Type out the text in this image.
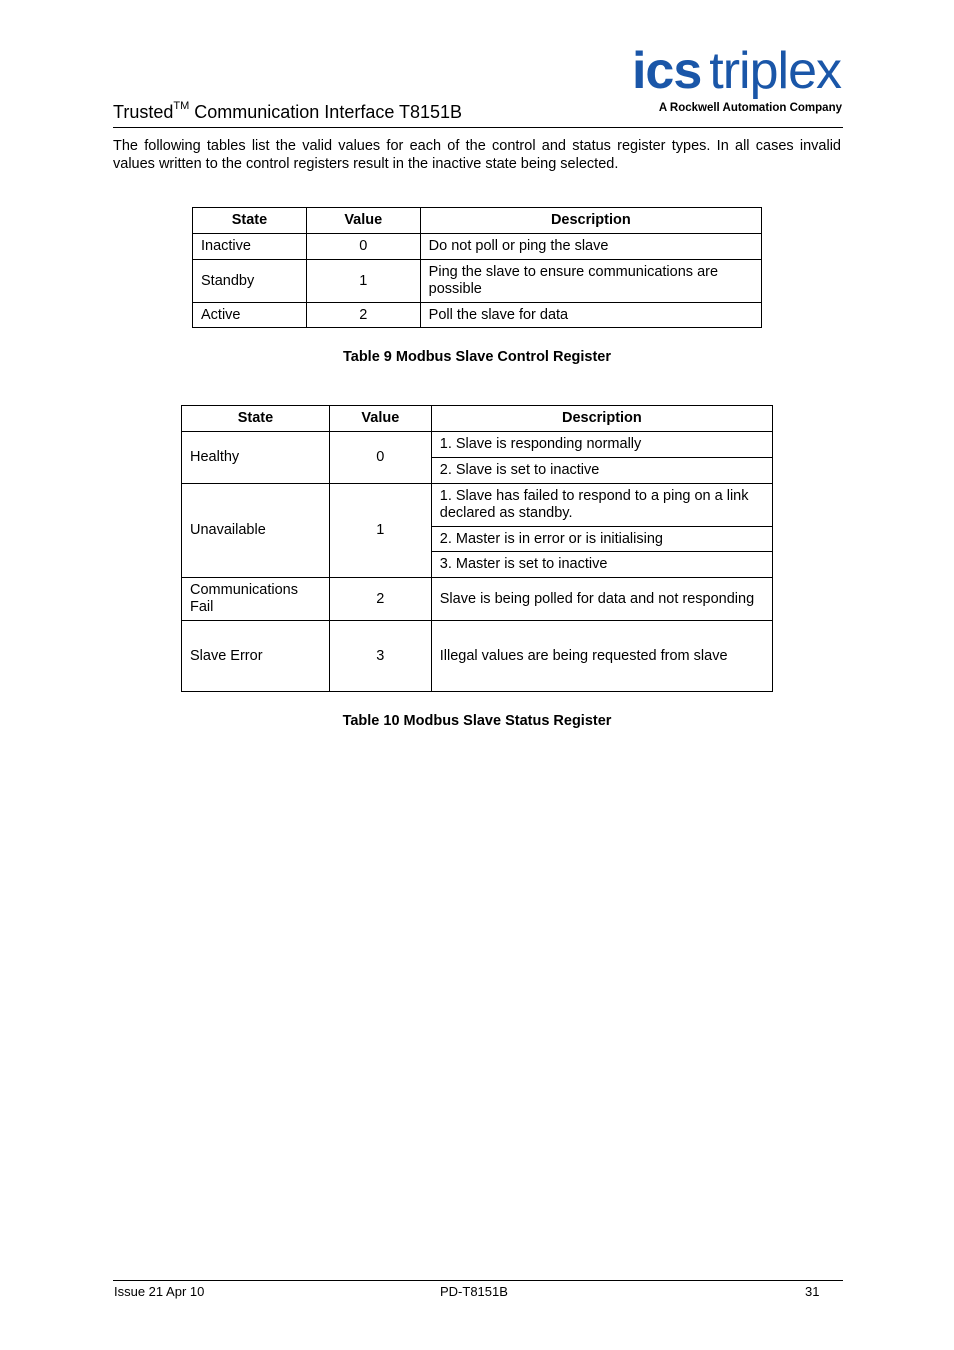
Trusted™ Communication Interface T8151B
ics triplex
A Rockwell Automation Company
The following tables list the valid values for each of the control and status register types. In all cases invalid values written to the control registers result in the inactive state being selected.
State	Value	Description
Inactive	0	Do not poll or ping the slave
Standby	1	Ping the slave to ensure communications are possible
Active	2	Poll the slave for data
Table 9 Modbus Slave Control Register
State	Value	Description
Healthy	0	1. Slave is responding normally
		2. Slave is set to inactive
Unavailable	1	1. Slave has failed to respond to a ping on a link declared as standby.
		2. Master is in error or is initialising
		3. Master is set to inactive
Communications Fail	2	Slave is being polled for data and not responding
Slave Error	3	Illegal values are being requested from slave
Table 10 Modbus Slave Status Register
Issue 21 Apr 10	PD-T8151B	31
